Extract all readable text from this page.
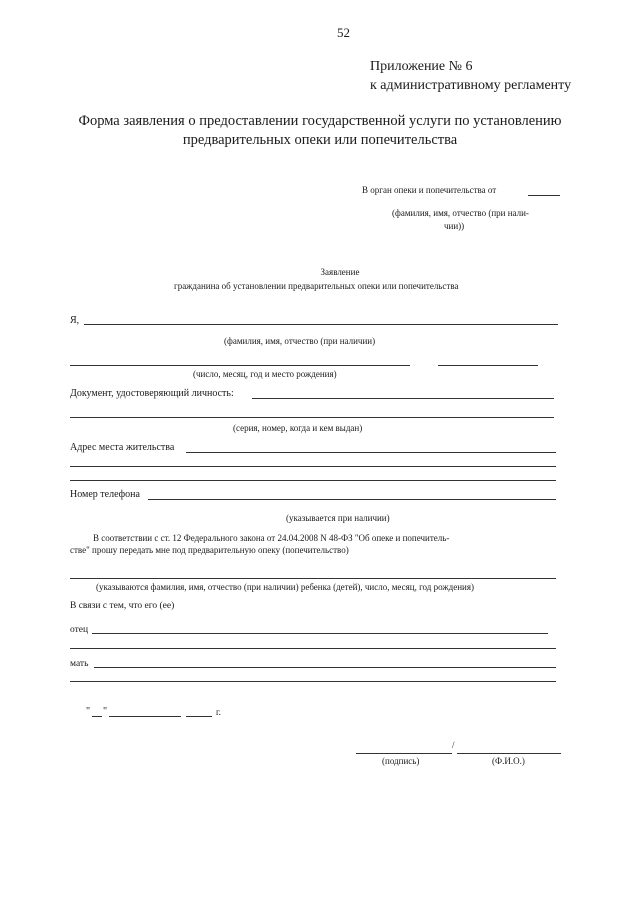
52
Приложение № 6
к административному регламенту
Форма заявления о предоставлении государственной услуги по установлению
предварительных опеки или попечительства
В орган опеки и попечительства от
(фамилия, имя, отчество (при нали-
чии))
Заявление
гражданина об установлении предварительных опеки или попечительства
Я,
(фамилия, имя, отчество (при наличии)
(число, месяц, год и место рождения)
Документ, удостоверяющий личность:
(серия, номер, когда и кем выдан)
Адрес места жительства
Номер телефона
(указывается при наличии)
В соответствии с ст. 12 Федерального закона от 24.04.2008 N 48-ФЗ "Об опеке и попечитель-
стве" прошу передать мне под предварительную опеку (попечительство)
(указываются фамилия, имя, отчество (при наличии) ребенка (детей), число, месяц, год рождения)
В связи с тем, что его (ее)
отец
мать
" "	г.
/
(подпись)	(Ф.И.О.)
